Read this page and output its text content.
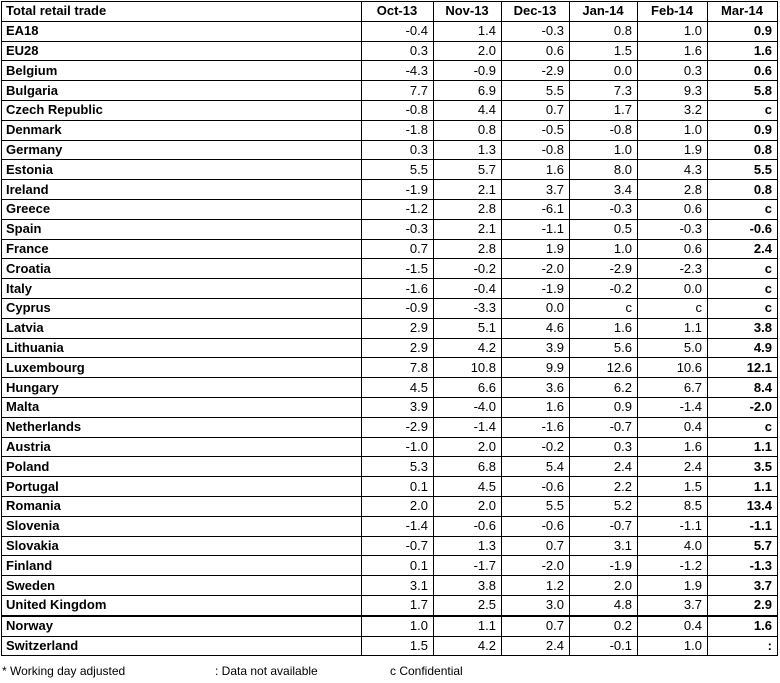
Total retail trade	Oct-13	Nov-13	Dec-13	Jan-14	Feb-14	Mar-14
EA18	-0.4	1.4	-0.3	0.8	1.0	0.9
EU28	0.3	2.0	0.6	1.5	1.6	1.6
Belgium	-4.3	-0.9	-2.9	0.0	0.3	0.6
Bulgaria	7.7	6.9	5.5	7.3	9.3	5.8
Czech Republic	-0.8	4.4	0.7	1.7	3.2	c
Denmark	-1.8	0.8	-0.5	-0.8	1.0	0.9
Germany	0.3	1.3	-0.8	1.0	1.9	0.8
Estonia	5.5	5.7	1.6	8.0	4.3	5.5
Ireland	-1.9	2.1	3.7	3.4	2.8	0.8
Greece	-1.2	2.8	-6.1	-0.3	0.6	c
Spain	-0.3	2.1	-1.1	0.5	-0.3	-0.6
France	0.7	2.8	1.9	1.0	0.6	2.4
Croatia	-1.5	-0.2	-2.0	-2.9	-2.3	c
Italy	-1.6	-0.4	-1.9	-0.2	0.0	c
Cyprus	-0.9	-3.3	0.0	c	c	c
Latvia	2.9	5.1	4.6	1.6	1.1	3.8
Lithuania	2.9	4.2	3.9	5.6	5.0	4.9
Luxembourg	7.8	10.8	9.9	12.6	10.6	12.1
Hungary	4.5	6.6	3.6	6.2	6.7	8.4
Malta	3.9	-4.0	1.6	0.9	-1.4	-2.0
Netherlands	-2.9	-1.4	-1.6	-0.7	0.4	c
Austria	-1.0	2.0	-0.2	0.3	1.6	1.1
Poland	5.3	6.8	5.4	2.4	2.4	3.5
Portugal	0.1	4.5	-0.6	2.2	1.5	1.1
Romania	2.0	2.0	5.5	5.2	8.5	13.4
Slovenia	-1.4	-0.6	-0.6	-0.7	-1.1	-1.1
Slovakia	-0.7	1.3	0.7	3.1	4.0	5.7
Finland	0.1	-1.7	-2.0	-1.9	-1.2	-1.3
Sweden	3.1	3.8	1.2	2.0	1.9	3.7
United Kingdom	1.7	2.5	3.0	4.8	3.7	2.9
Norway	1.0	1.1	0.7	0.2	0.4	1.6
Switzerland	1.5	4.2	2.4	-0.1	1.0	:
* Working day adjusted	: Data not available	c Confidential
